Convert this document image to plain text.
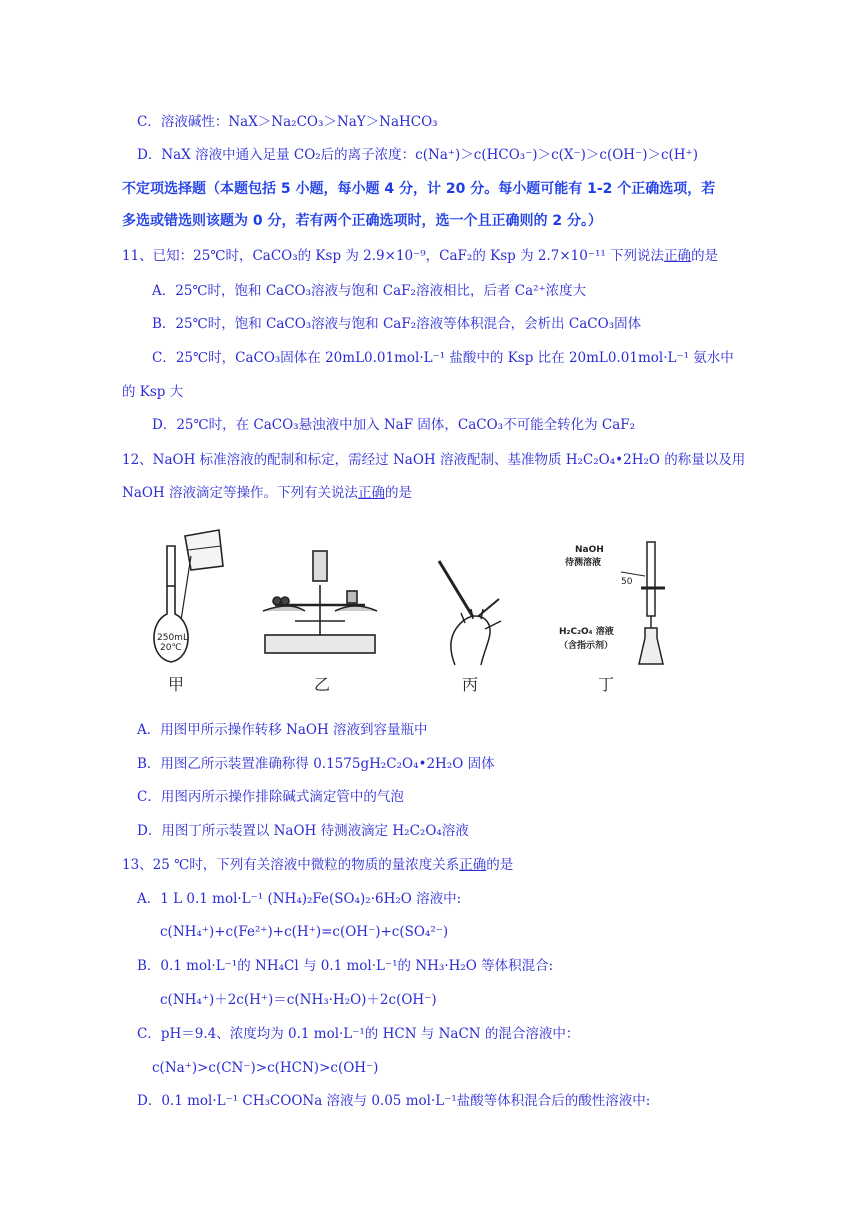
C．溶液碱性：NaX＞Na₂CO₃＞NaY＞NaHCO₃
D．NaX 溶液中通入足量 CO₂后的离子浓度：c(Na⁺)＞c(HCO₃⁻)＞c(X⁻)＞c(OH⁻)＞c(H⁺)
不定项选择题（本题包括 5 小题，每小题 4 分，计 20 分。每小题可能有 1-2 个正确选项，若
多选或错选则该题为 0 分，若有两个正确选项时，选一个且正确则的 2 分。）
11、已知：25℃时，CaCO₃的 Ksp 为 2.9×10⁻⁹，CaF₂的 Ksp 为 2.7×10⁻¹¹ 下列说法正确的是
A．25℃时，饱和 CaCO₃溶液与饱和 CaF₂溶液相比，后者 Ca²⁺浓度大
B．25℃时，饱和 CaCO₃溶液与饱和 CaF₂溶液等体积混合，会析出 CaCO₃固体
C．25℃时，CaCO₃固体在 20mL0.01mol·L⁻¹ 盐酸中的 Ksp 比在 20mL0.01mol·L⁻¹ 氨水中
的 Ksp 大
D．25℃时，在 CaCO₃悬浊液中加入 NaF 固体，CaCO₃不可能全转化为 CaF₂
12、NaOH 标准溶液的配制和标定，需经过 NaOH 溶液配制、基准物质 H₂C₂O₄•2H₂O 的称量以及用
NaOH 溶液滴定等操作。下列有关说法正确的是
250mL
20℃
甲	乙	丙
NaOH
待测溶液
50
H₂C₂O₄ 溶液
（含指示剂）
丁
A．用图甲所示操作转移 NaOH 溶液到容量瓶中
B．用图乙所示装置准确称得 0.1575gH₂C₂O₄•2H₂O 固体
C．用图丙所示操作排除碱式滴定管中的气泡
D．用图丁所示装置以 NaOH 待测液滴定 H₂C₂O₄溶液
13、25 ℃时，下列有关溶液中微粒的物质的量浓度关系正确的是
A．1 L 0.1 mol·L⁻¹ (NH₄)₂Fe(SO₄)₂·6H₂O 溶液中:
c(NH₄⁺)+c(Fe²⁺)+c(H⁺)=c(OH⁻)+c(SO₄²⁻)
B．0.1 mol·L⁻¹的 NH₄Cl 与 0.1 mol·L⁻¹的 NH₃·H₂O 等体积混合:
c(NH₄⁺)＋2c(H⁺)＝c(NH₃·H₂O)＋2c(OH⁻)
C．pH＝9.4、浓度均为 0.1 mol·L⁻¹的 HCN 与 NaCN 的混合溶液中：
c(Na⁺)>c(CN⁻)>c(HCN)>c(OH⁻)
D．0.1 mol·L⁻¹ CH₃COONa 溶液与 0.05 mol·L⁻¹盐酸等体积混合后的酸性溶液中:
